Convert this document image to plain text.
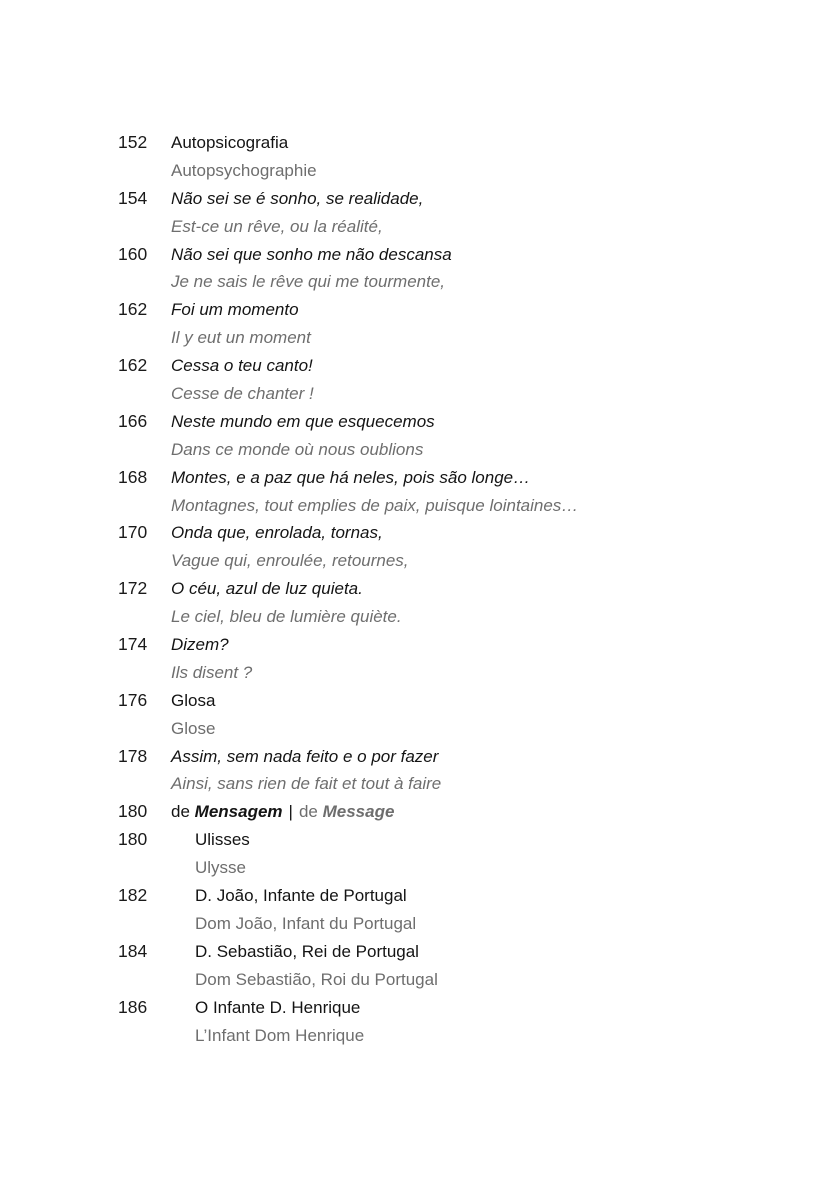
152 Autopsicografia
Autopsychographie
154 Não sei se é sonho, se realidade,
Est-ce un rêve, ou la réalité,
160 Não sei que sonho me não descansa
Je ne sais le rêve qui me tourmente,
162 Foi um momento
Il y eut un moment
162 Cessa o teu canto!
Cesse de chanter !
166 Neste mundo em que esquecemos
Dans ce monde où nous oublions
168 Montes, e a paz que há neles, pois são longe…
Montagnes, tout emplies de paix, puisque lointaines…
170 Onda que, enrolada, tornas,
Vague qui, enroulée, retournes,
172 O céu, azul de luz quieta.
Le ciel, bleu de lumière quiète.
174 Dizem?
Ils disent ?
176 Glosa
Glose
178 Assim, sem nada feito e o por fazer
Ainsi, sans rien de fait et tout à faire
180 de Mensagem | de Message
180	Ulisses
Ulysse
182	D. João, Infante de Portugal
Dom João, Infant du Portugal
184	D. Sebastião, Rei de Portugal
Dom Sebastião, Roi du Portugal
186	O Infante D. Henrique
L’Infant Dom Henrique
